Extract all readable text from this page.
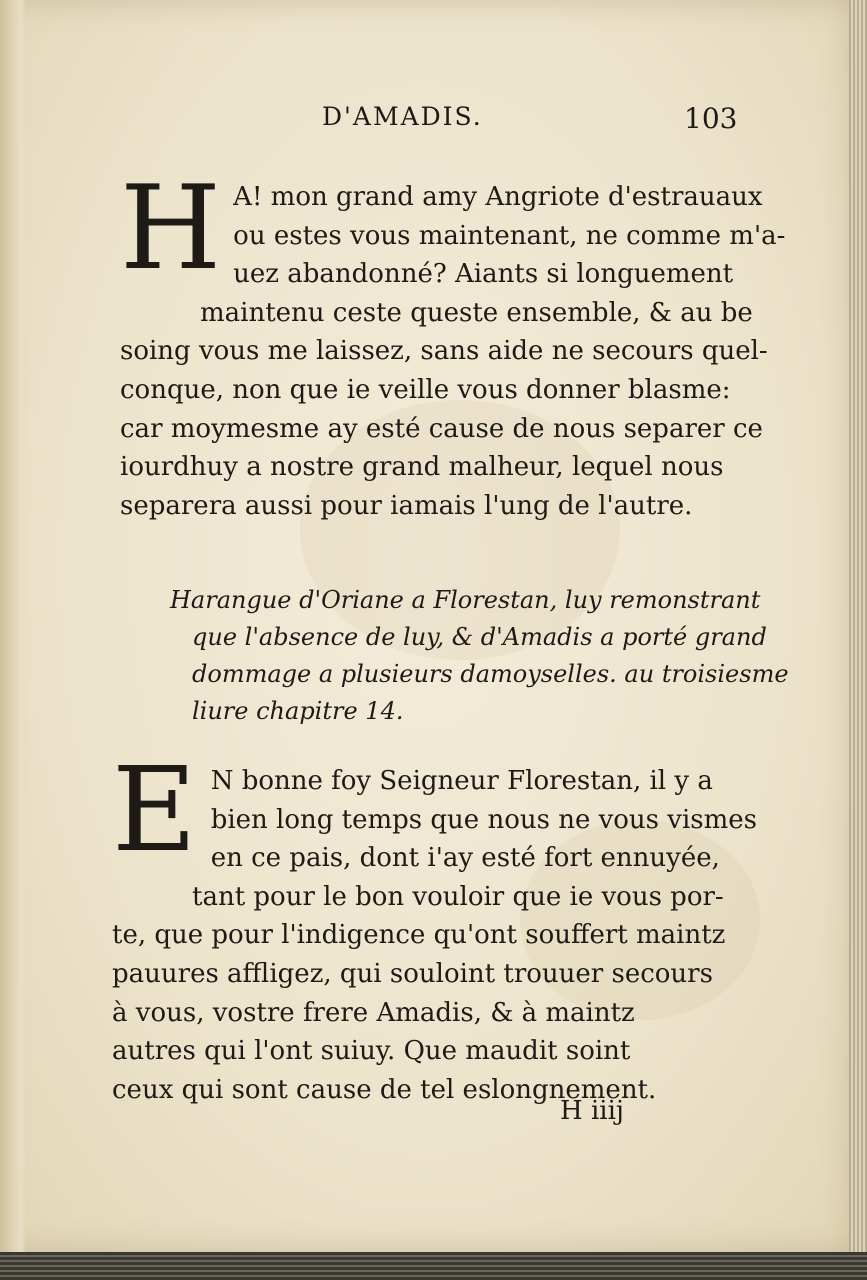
D'AMADIS.	103
H A! mon grand amy Angriote d'estrauaux
ou estes vous maintenant, ne comme m'a-
uez abandonné? Aiants si longuement
maintenu ceste queste ensemble, & au be
soing vous me laissez, sans aide ne secours quel-
conque, non que ie veille vous donner blasme:
car moymesme ay esté cause de nous separer ce
iourdhuy a nostre grand malheur, lequel nous
separera aussi pour iamais l'ung de l'autre.
Harangue d'Oriane a Florestan, luy remonstrant
que l'absence de luy, & d'Amadis a porté grand
dommage a plusieurs damoyselles. au troisiesme
liure chapitre 14.
E N bonne foy Seigneur Florestan, il y a
bien long temps que nous ne vous vismes
en ce pais, dont i'ay esté fort ennuyée,
tant pour le bon vouloir que ie vous por-
te, que pour l'indigence qu'ont souffert maintz
pauures affligez, qui souloint trouuer secours
à vous, vostre frere Amadis, & à maintz
autres qui l'ont suiuy. Que maudit soint
ceux qui sont cause de tel eslongnement.
H iiij
